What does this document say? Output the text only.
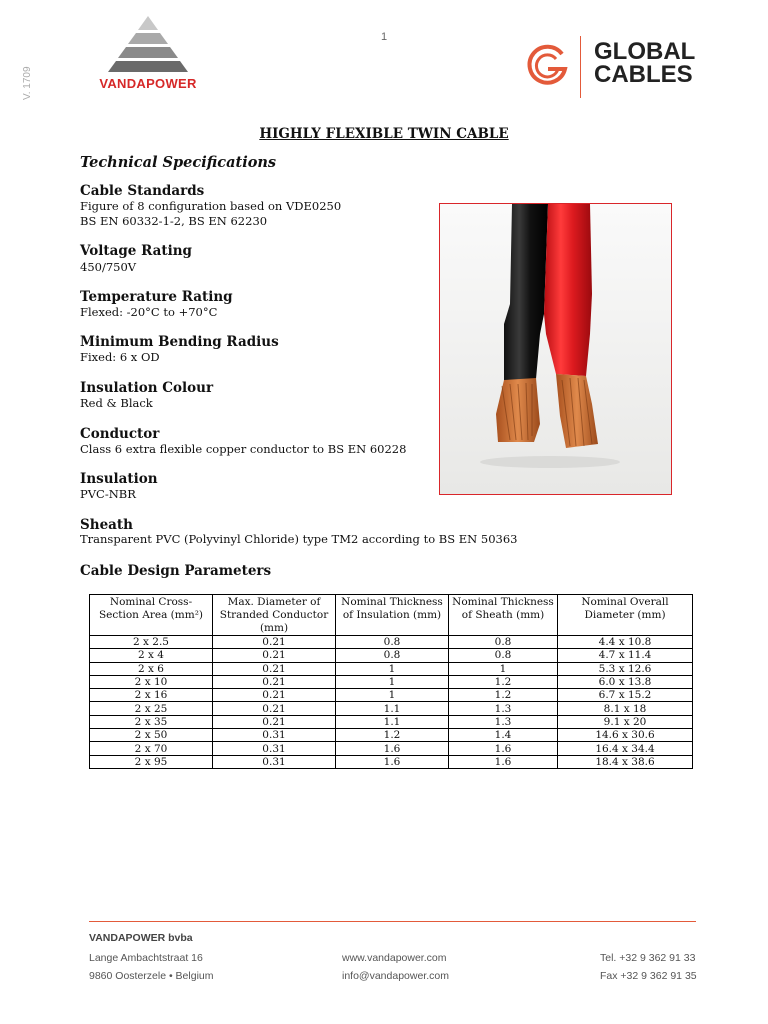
V. 1709
1
VANDAPOWER
GLOBAL
CABLES
HIGHLY FLEXIBLE TWIN CABLE
Technical Specifications
Cable Standards
Figure of 8 configuration based on VDE0250
BS EN 60332-1-2, BS EN 62230
Voltage Rating
450/750V
Temperature Rating
Flexed: -20°C to +70°C
Minimum Bending Radius
Fixed: 6 x OD
Insulation Colour
Red & Black
Conductor
Class 6 extra flexible copper conductor to BS EN 60228
Insulation
PVC-NBR
Sheath
Transparent PVC (Polyvinyl Chloride) type TM2 according to BS EN 50363
Cable Design Parameters
Nominal Cross-Section Area (mm²)	Max. Diameter of Stranded Conductor (mm)	Nominal Thickness of Insulation (mm)	Nominal Thickness of Sheath (mm)	Nominal Overall Diameter (mm)
2 x 2.5	0.21	0.8	0.8	4.4 x 10.8
2 x 4	0.21	0.8	0.8	4.7 x 11.4
2 x 6	0.21	1	1	5.3 x 12.6
2 x 10	0.21	1	1.2	6.0 x 13.8
2 x 16	0.21	1	1.2	6.7 x 15.2
2 x 25	0.21	1.1	1.3	8.1 x 18
2 x 35	0.21	1.1	1.3	9.1 x 20
2 x 50	0.31	1.2	1.4	14.6 x 30.6
2 x 70	0.31	1.6	1.6	16.4 x 34.4
2 x 95	0.31	1.6	1.6	18.4 x 38.6
VANDAPOWER bvba
Lange Ambachtstraat 16
9860 Oosterzele • Belgium
www.vandapower.com
info@vandapower.com
Tel. +32 9 362 91 33
Fax +32 9 362 91 35
